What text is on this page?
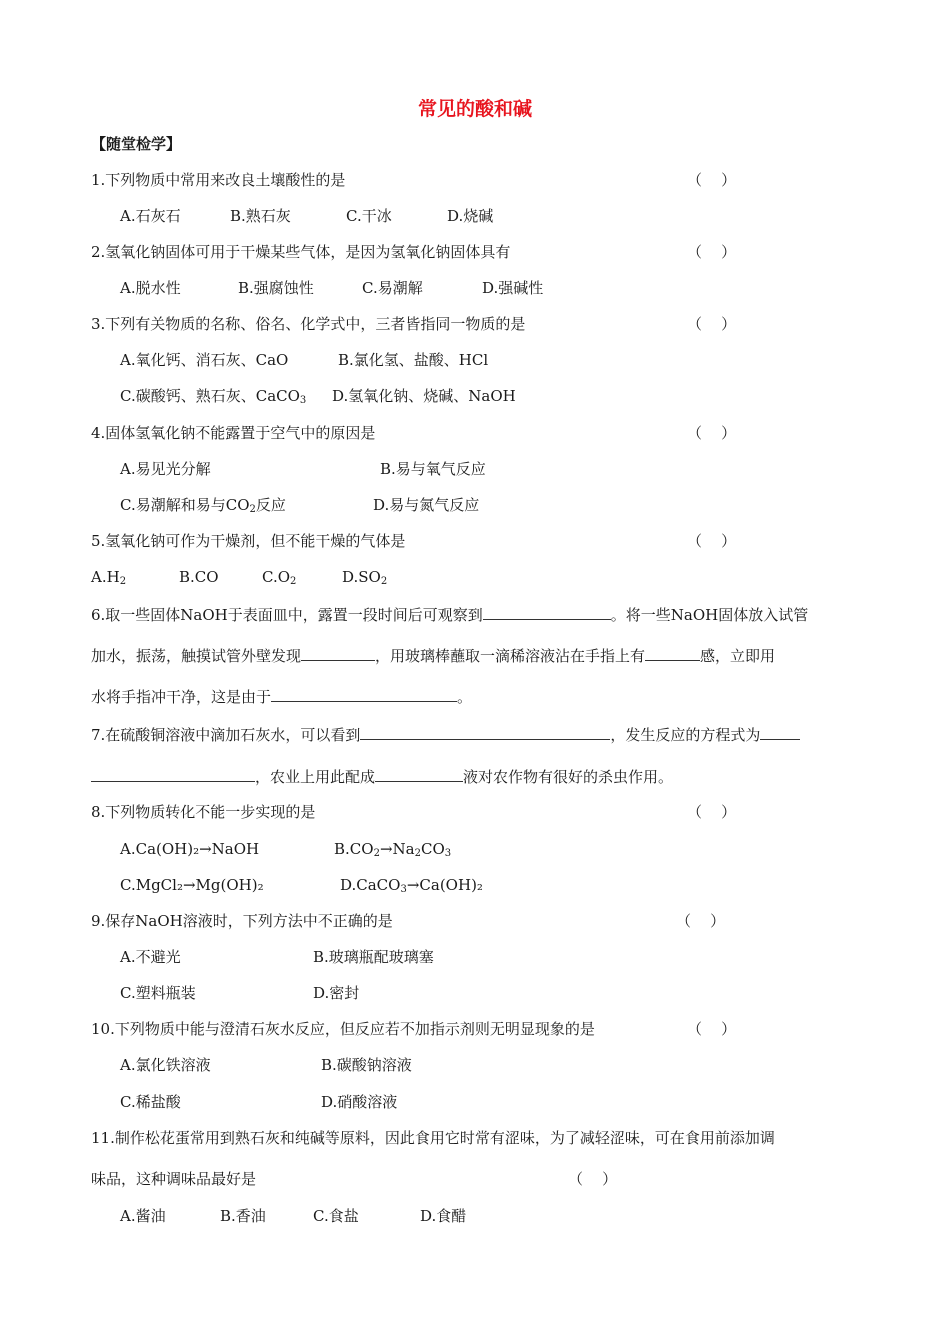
常见的酸和碱
【随堂检学】
1.下列物质中常用来改良土壤酸性的是	（    ）
A.石灰石	B.熟石灰	C.干冰	D.烧碱
2.氢氧化钠固体可用于干燥某些气体，是因为氢氧化钠固体具有	（    ）
A.脱水性	B.强腐蚀性	C.易潮解	D.强碱性
3.下列有关物质的名称、俗名、化学式中，三者皆指同一物质的是	（    ）
A.氧化钙、消石灰、CaO	B.氯化氢、盐酸、HCl
C.碳酸钙、熟石灰、CaCO$_3$ D.氢氧化钠、烧碱、NaOH
4.固体氢氧化钠不能露置于空气中的原因是	（    ）
A.易见光分解	B.易与氧气反应
C.易潮解和易与$CO_2$反应	D.易与氮气反应
5.氢氧化钠可作为干燥剂，但不能干燥的气体是	（    ）
$A.H_2$	B.CO	$C.O_2$	$D.SO_2$
6.取一些固体NaOH于表面皿中，露置一段时间后可观察到	。将一些NaOH固体放入试管
加水，振荡，触摸试管外壁发现	，用玻璃棒蘸取一滴稀溶液沾在手指上有	感，立即用
水将手指冲干净，这是由于	。
7.在硫酸铜溶液中滴加石灰水，可以看到	，发生反应的方程式为
，农业上用此配成	液对农作物有很好的杀虫作用。
8.下列物质转化不能一步实现的是	（    ）
A.Ca(OH)₂→NaOH	$B.CO_2\to Na_2CO_3$
C.MgCl₂→Mg(OH)₂	D.CaCO$_3$→Ca(OH)₂
9.保存NaOH溶液时，下列方法中不正确的是	（    ）
A.不避光	B.玻璃瓶配玻璃塞
C.塑料瓶装	D.密封
10.下列物质中能与澄清石灰水反应，但反应若不加指示剂则无明显现象的是	（    ）
A.氯化铁溶液	B.碳酸钠溶液
C.稀盐酸	D.硝酸溶液
11.制作松花蛋常用到熟石灰和纯碱等原料，因此食用它时常有涩味，为了减轻涩味，可在食用前添加调
味品，这种调味品最好是	（    ）
A.酱油	B.香油	C.食盐	D.食醋
